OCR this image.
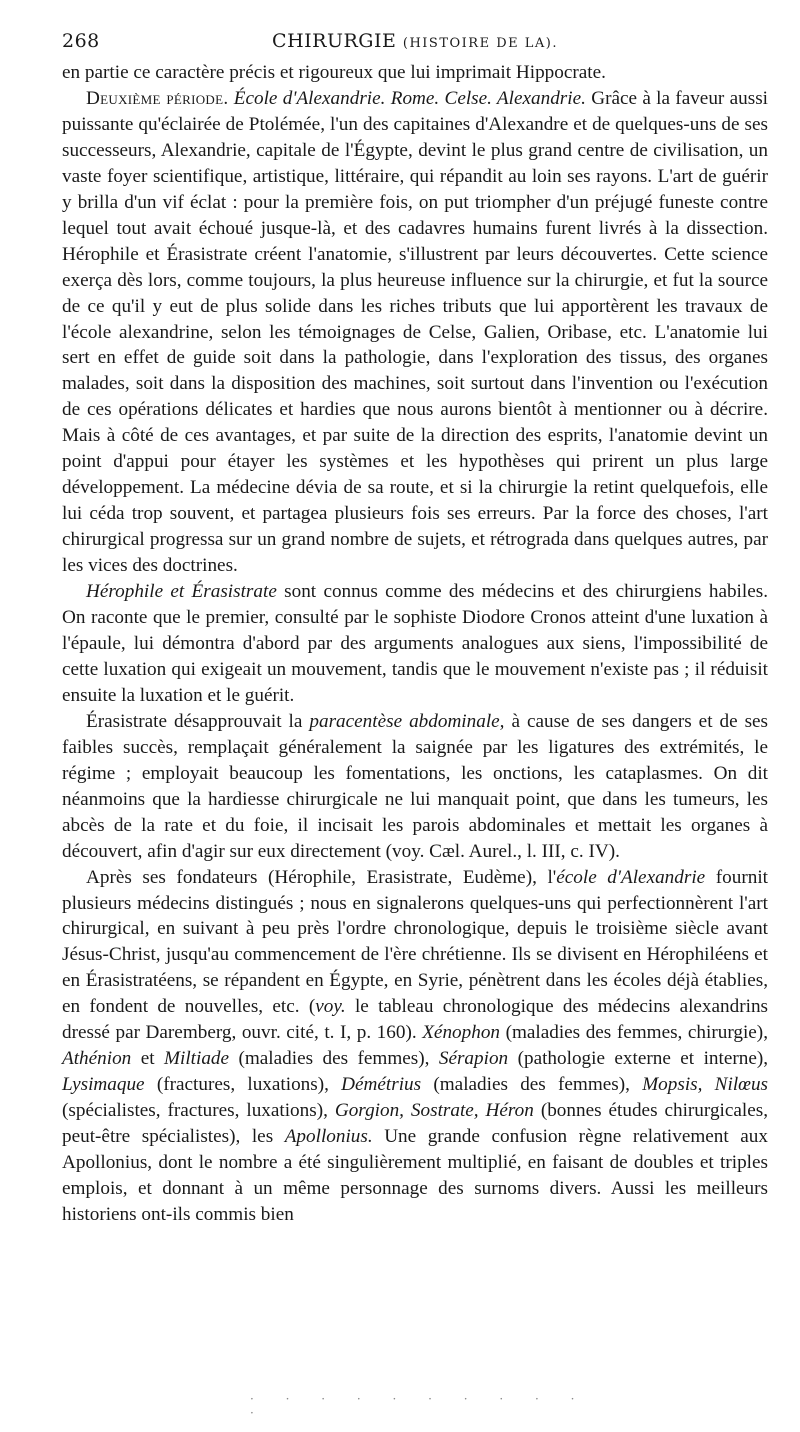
268	CHIRURGIE (HISTOIRE DE LA).

en partie ce caractère précis et rigoureux que lui imprimait Hippocrate.

Deuxième période. École d'Alexandrie. Rome. Celse. Alexandrie. Grâce à la faveur aussi puissante qu'éclairée de Ptolémée, l'un des capitaines d'Alexandre et de quelques-uns de ses successeurs, Alexandrie, capitale de l'Égypte, devint le plus grand centre de civilisation, un vaste foyer scientifique, artistique, littéraire, qui répandit au loin ses rayons. L'art de guérir y brilla d'un vif éclat : pour la première fois, on put triompher d'un préjugé funeste contre lequel tout avait échoué jusque-là, et des cadavres humains furent livrés à la dissection. Hérophile et Érasistrate créent l'anatomie, s'illustrent par leurs découvertes. Cette science exerça dès lors, comme toujours, la plus heureuse influence sur la chirurgie, et fut la source de ce qu'il y eut de plus solide dans les riches tributs que lui apportèrent les travaux de l'école alexandrine, selon les témoignages de Celse, Galien, Oribase, etc. L'anatomie lui sert en effet de guide soit dans la pathologie, dans l'exploration des tissus, des organes malades, soit dans la disposition des machines, soit surtout dans l'invention ou l'exécution de ces opérations délicates et hardies que nous aurons bientôt à mentionner ou à décrire. Mais à côté de ces avantages, et par suite de la direction des esprits, l'anatomie devint un point d'appui pour étayer les systèmes et les hypothèses qui prirent un plus large développement. La médecine dévia de sa route, et si la chirurgie la retint quelquefois, elle lui céda trop souvent, et partagea plusieurs fois ses erreurs. Par la force des choses, l'art chirurgical progressa sur un grand nombre de sujets, et rétrograda dans quelques autres, par les vices des doctrines.

Hérophile et Érasistrate sont connus comme des médecins et des chirurgiens habiles. On raconte que le premier, consulté par le sophiste Diodore Cronos atteint d'une luxation à l'épaule, lui démontra d'abord par des arguments analogues aux siens, l'impossibilité de cette luxation qui exigeait un mouvement, tandis que le mouvement n'existe pas ; il réduisit ensuite la luxation et le guérit.

Érasistrate désapprouvait la paracentèse abdominale, à cause de ses dangers et de ses faibles succès, remplaçait généralement la saignée par les ligatures des extrémités, le régime ; employait beaucoup les fomentations, les onctions, les cataplasmes. On dit néanmoins que la hardiesse chirurgicale ne lui manquait point, que dans les tumeurs, les abcès de la rate et du foie, il incisait les parois abdominales et mettait les organes à découvert, afin d'agir sur eux directement (voy. Cæl. Aurel., l. III, c. IV).

Après ses fondateurs (Hérophile, Erasistrate, Eudème), l'école d'Alexandrie fournit plusieurs médecins distingués ; nous en signalerons quelques-uns qui perfectionnèrent l'art chirurgical, en suivant à peu près l'ordre chronologique, depuis le troisième siècle avant Jésus-Christ, jusqu'au commencement de l'ère chrétienne. Ils se divisent en Hérophiléens et en Érasistratéens, se répandent en Égypte, en Syrie, pénètrent dans les écoles déjà établies, en fondent de nouvelles, etc. (voy. le tableau chronologique des médecins alexandrins dressé par Daremberg, ouvr. cité, t. I, p. 160). Xénophon (maladies des femmes, chirurgie), Athénion et Miltiade (maladies des femmes), Sérapion (pathologie externe et interne), Lysimaque (fractures, luxations), Démétrius (maladies des femmes), Mopsis, Nilœus (spécialistes, fractures, luxations), Gorgion, Sostrate, Héron (bonnes études chirurgicales, peut-être spécialistes), les Apollonius. Une grande confusion règne relativement aux Apollonius, dont le nombre a été singulièrement multiplié, en faisant de doubles et triples emplois, et donnant à un même personnage des surnoms divers. Aussi les meilleurs historiens ont-ils commis bien

· · · · · · · · · · ·
